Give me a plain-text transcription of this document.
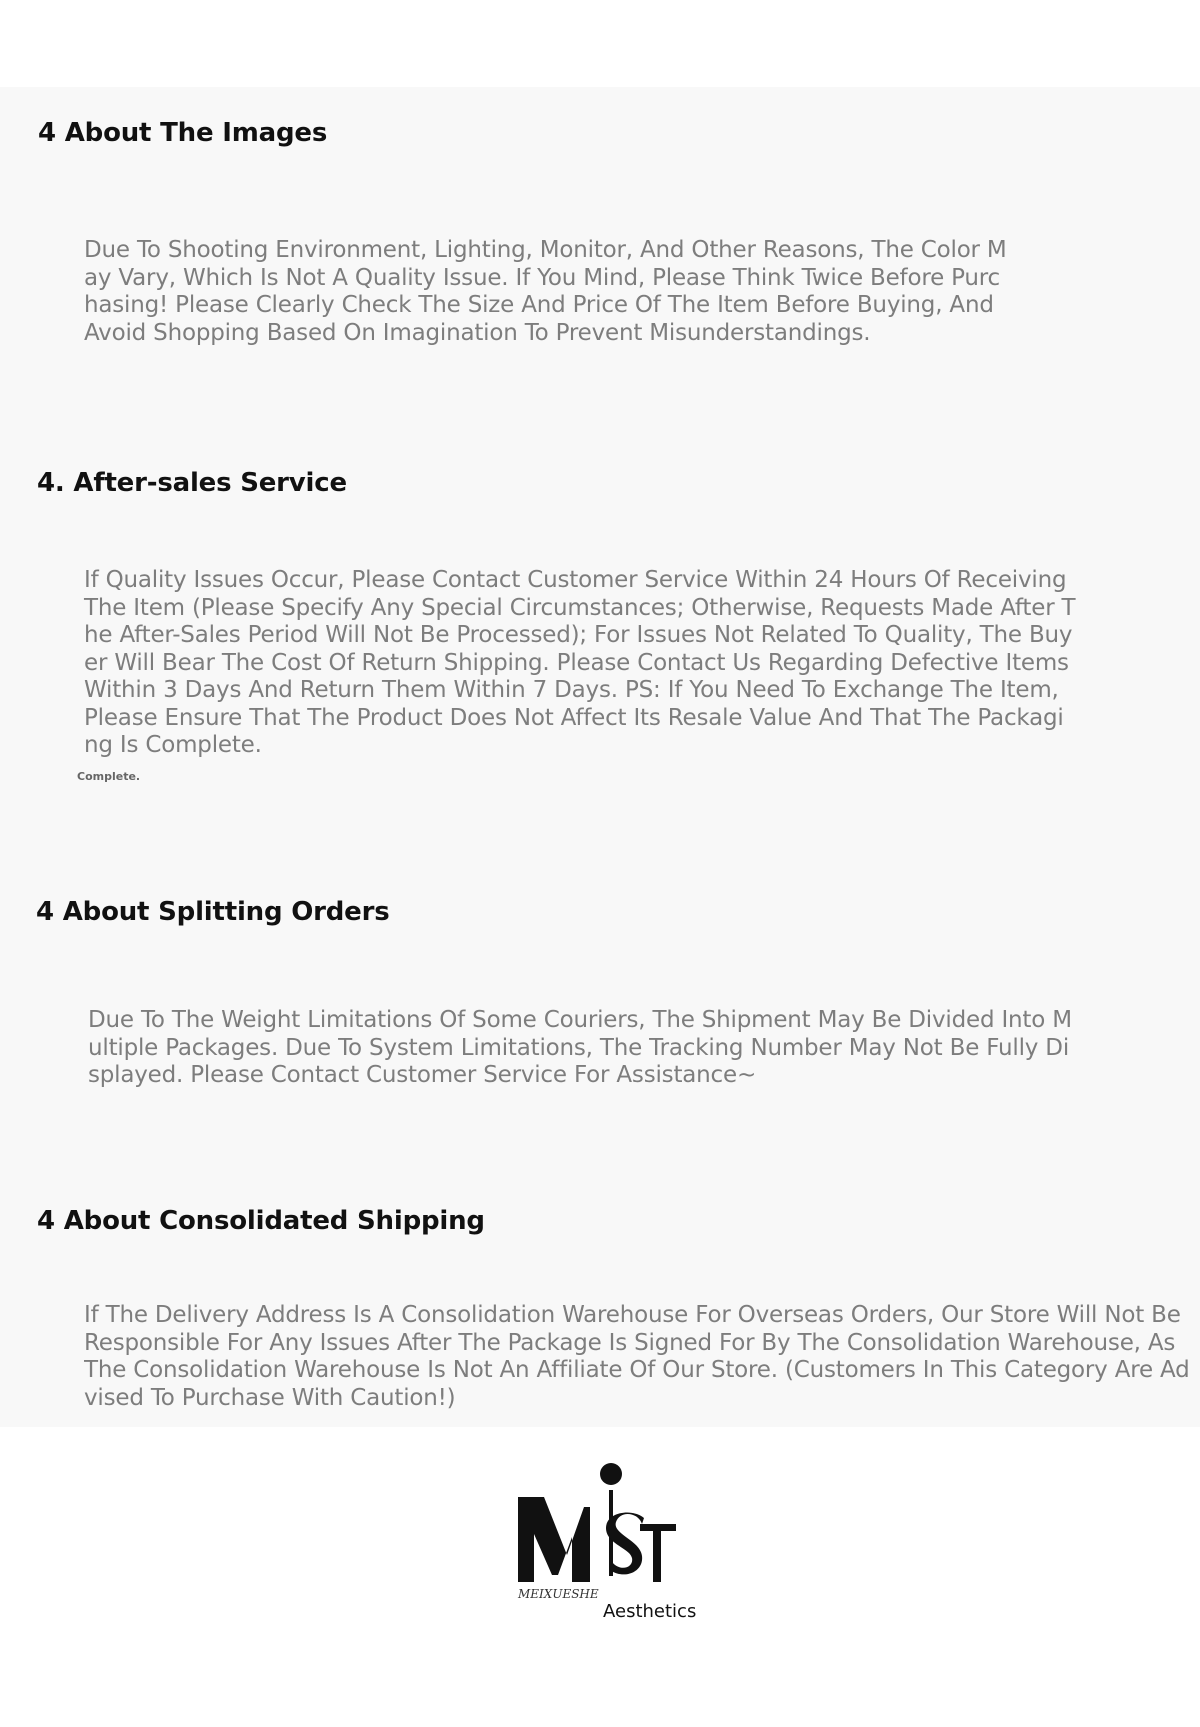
4 About The Images

Due To Shooting Environment, Lighting, Monitor, And Other Reasons, The Color May Vary, Which Is Not A Quality Issue. If You Mind, Please Think Twice Before Purchasing! Please Clearly Check The Size And Price Of The Item Before Buying, And Avoid Shopping Based On Imagination To Prevent Misunderstandings.

4. After-sales Service

If Quality Issues Occur, Please Contact Customer Service Within 24 Hours Of Receiving The Item (Please Specify Any Special Circumstances; Otherwise, Requests Made After The After-Sales Period Will Not Be Processed); For Issues Not Related To Quality, The Buyer Will Bear The Cost Of Return Shipping. Please Contact Us Regarding Defective Items Within 3 Days And Return Them Within 7 Days. PS: If You Need To Exchange The Item, Please Ensure That The Product Does Not Affect Its Resale Value And That The Packaging Is Complete.

Complete.
4 About Splitting Orders

Due To The Weight Limitations Of Some Couriers, The Shipment May Be Divided Into Multiple Packages. Due To System Limitations, The Tracking Number May Not Be Fully Displayed. Please Contact Customer Service For Assistance~

4 About Consolidated Shipping

If The Delivery Address Is A Consolidation Warehouse For Overseas Orders, Our Store Will Not Be Responsible For Any Issues After The Package Is Signed For By The Consolidation Warehouse, As The Consolidation Warehouse Is Not An Affiliate Of Our Store. (Customers In This Category Are Advised To Purchase With Caution!)

MEIXUESHE
Aesthetics
